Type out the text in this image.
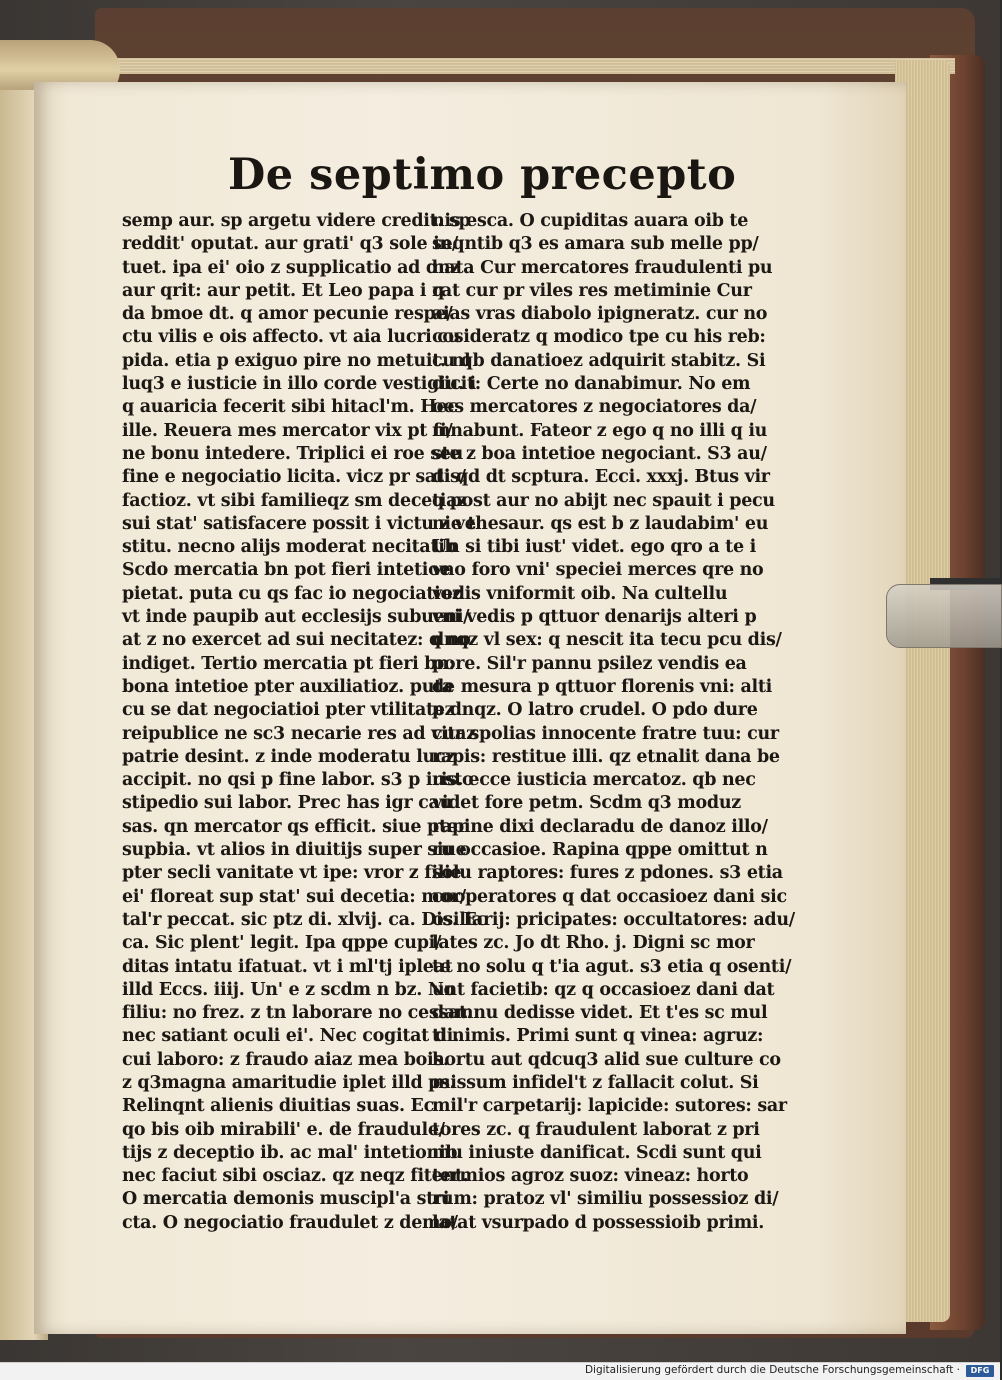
De septimo precepto
semp aur. sp argetu videre credit. sp
reddit' oputat. aur grati' q3 sole in/
tuet. ipa ei' oio z supplicatio ad dnz
aur qrit: aur petit. Et Leo papa i q
da bmoe dt. q amor pecunie respe/
ctu vilis e ois affecto. vt aia lucri cu
pida. etia p exiguo pire no metuit. nl
luq3 e iusticie in illo corde vestigiu. i
q auaricia fecerit sibi hitacl'm. Hec
ille. Reuera mes mercator vix pt fi/
ne bonu intedere. Triplici ei roe seu
fine e negociatio licita. vicz pr satis/
factioz. vt sibi familieqz sm decetiaz
sui stat' satisfacere possit i victu z ve
stitu. necno alijs moderat necitatib
Scdo mercatia bn pot fieri intetioe
pietat. puta cu qs fac io negociatioz
vt inde paupib aut ecclesijs subueni/
at z no exercet ad sui necitatez: q no
indiget. Tertio mercatia pt fieri bn:
bona intetioe pter auxiliatioz. puta
cu se dat negociatioi pter vtilitatez
reipublice ne sc3 necarie res ad vitaz
patrie desint. z inde moderatu lucz
accipit. no qsi p fine labor. s3 p iusto
stipedio sui labor. Prec has igr cau
sas. qn mercator qs efficit. siue pter
supbia. vt alios in diuitijs super siue
pter secli vanitate vt ipe: vror z filie
ei' floreat sup stat' sui decetia: mor/
tal'r peccat. sic ptz di. xlvij. ca. Dis. Ec
ca. Sic plent' legit. Ipa qppe cupi/
ditas intatu ifatuat. vt i ml'tj ipleat
illd Eccs. iiij. Un' e z scdm n bz. No
filiu: no frez. z tn laborare no cessat.
nec satiant oculi ei'. Nec cogitat di.
cui laboro: z fraudo aiaz mea bois.
z q3magna amaritudie iplet illd ps.
Relinqnt alienis diuitias suas. Ec
qo bis oib mirabili' e. de fraudule/
tijs z deceptio ib. ac mal' intetionib
nec faciut sibi osciaz. qz neqz fitent.
O mercatia demonis muscipl'a stri
cta. O negociatio fraudulet z demo/
nis esca. O cupiditas auara oib te
seqntib q3 es amara sub melle pp/
nata Cur mercatores fraudulenti pu
rat cur pr viles res metiminie Cur
aias vras diabolo ipigneratz. cur no
cosideratz q modico tpe cu his reb:
cu qb danatioez adquirit stabitz. Si
dicit: Certe no danabimur. No em
oes mercatores z negociatores da/
mnabunt. Fateor z ego q no illi q iu
ste z boa intetioe negociant. S3 au/
di qd dt scptura. Ecci. xxxj. Btus vir
q post aur no abijt nec spauit i pecu
nie thesaur. qs est b z laudabim' eu
Un si tibi iust' videt. ego qro a te i
vno foro vni' speciei merces qre no
vedis vniformit oib. Na cultellu
vni vedis p qttuor denarijs alteri p
dnqz vl sex: q nescit ita tecu pcu dis/
pore. Sil'r pannu psilez vendis ea
de mesura p qttuor florenis vni: alti
p dnqz. O latro crudel. O pdo dure
cur spolias innocente fratre tuu: cur
rapis: restitue illi. qz etnalit dana be
ris. ecce iusticia mercatoz. qb nec
videt fore petm. Scdm q3 moduz
rapine dixi declaradu de danoz illo/
ru occasioe. Rapina qppe omittut n
solu raptores: fures z pdones. s3 etia
cooperatores q dat occasioez dani sic
osiliarij: pricipates: occultatores: adu/
lates zc. Jo dt Rho. j. Digni sc mor
te no solu q t'ia agut. s3 etia q osenti/
unt facietib: qz q occasioez dani dat
damnu dedisse videt. Et t'es sc mul
ti nimis. Primi sunt q vinea: agruz:
hortu aut qdcuq3 alid sue culture co
missum infidel't z fallacit colut. Si
mil'r carpetarij: lapicide: sutores: sar
tores zc. q fraudulent laborat z pri
mu iniuste danificat. Scdi sunt qui
termios agroz suoz: vineaz: horto
rum: pratoz vl' similiu possessioz di/
latat vsurpado d possessioib primi.
Digitalisierung gefördert durch die Deutsche Forschungsgemeinschaft ·	DFG
